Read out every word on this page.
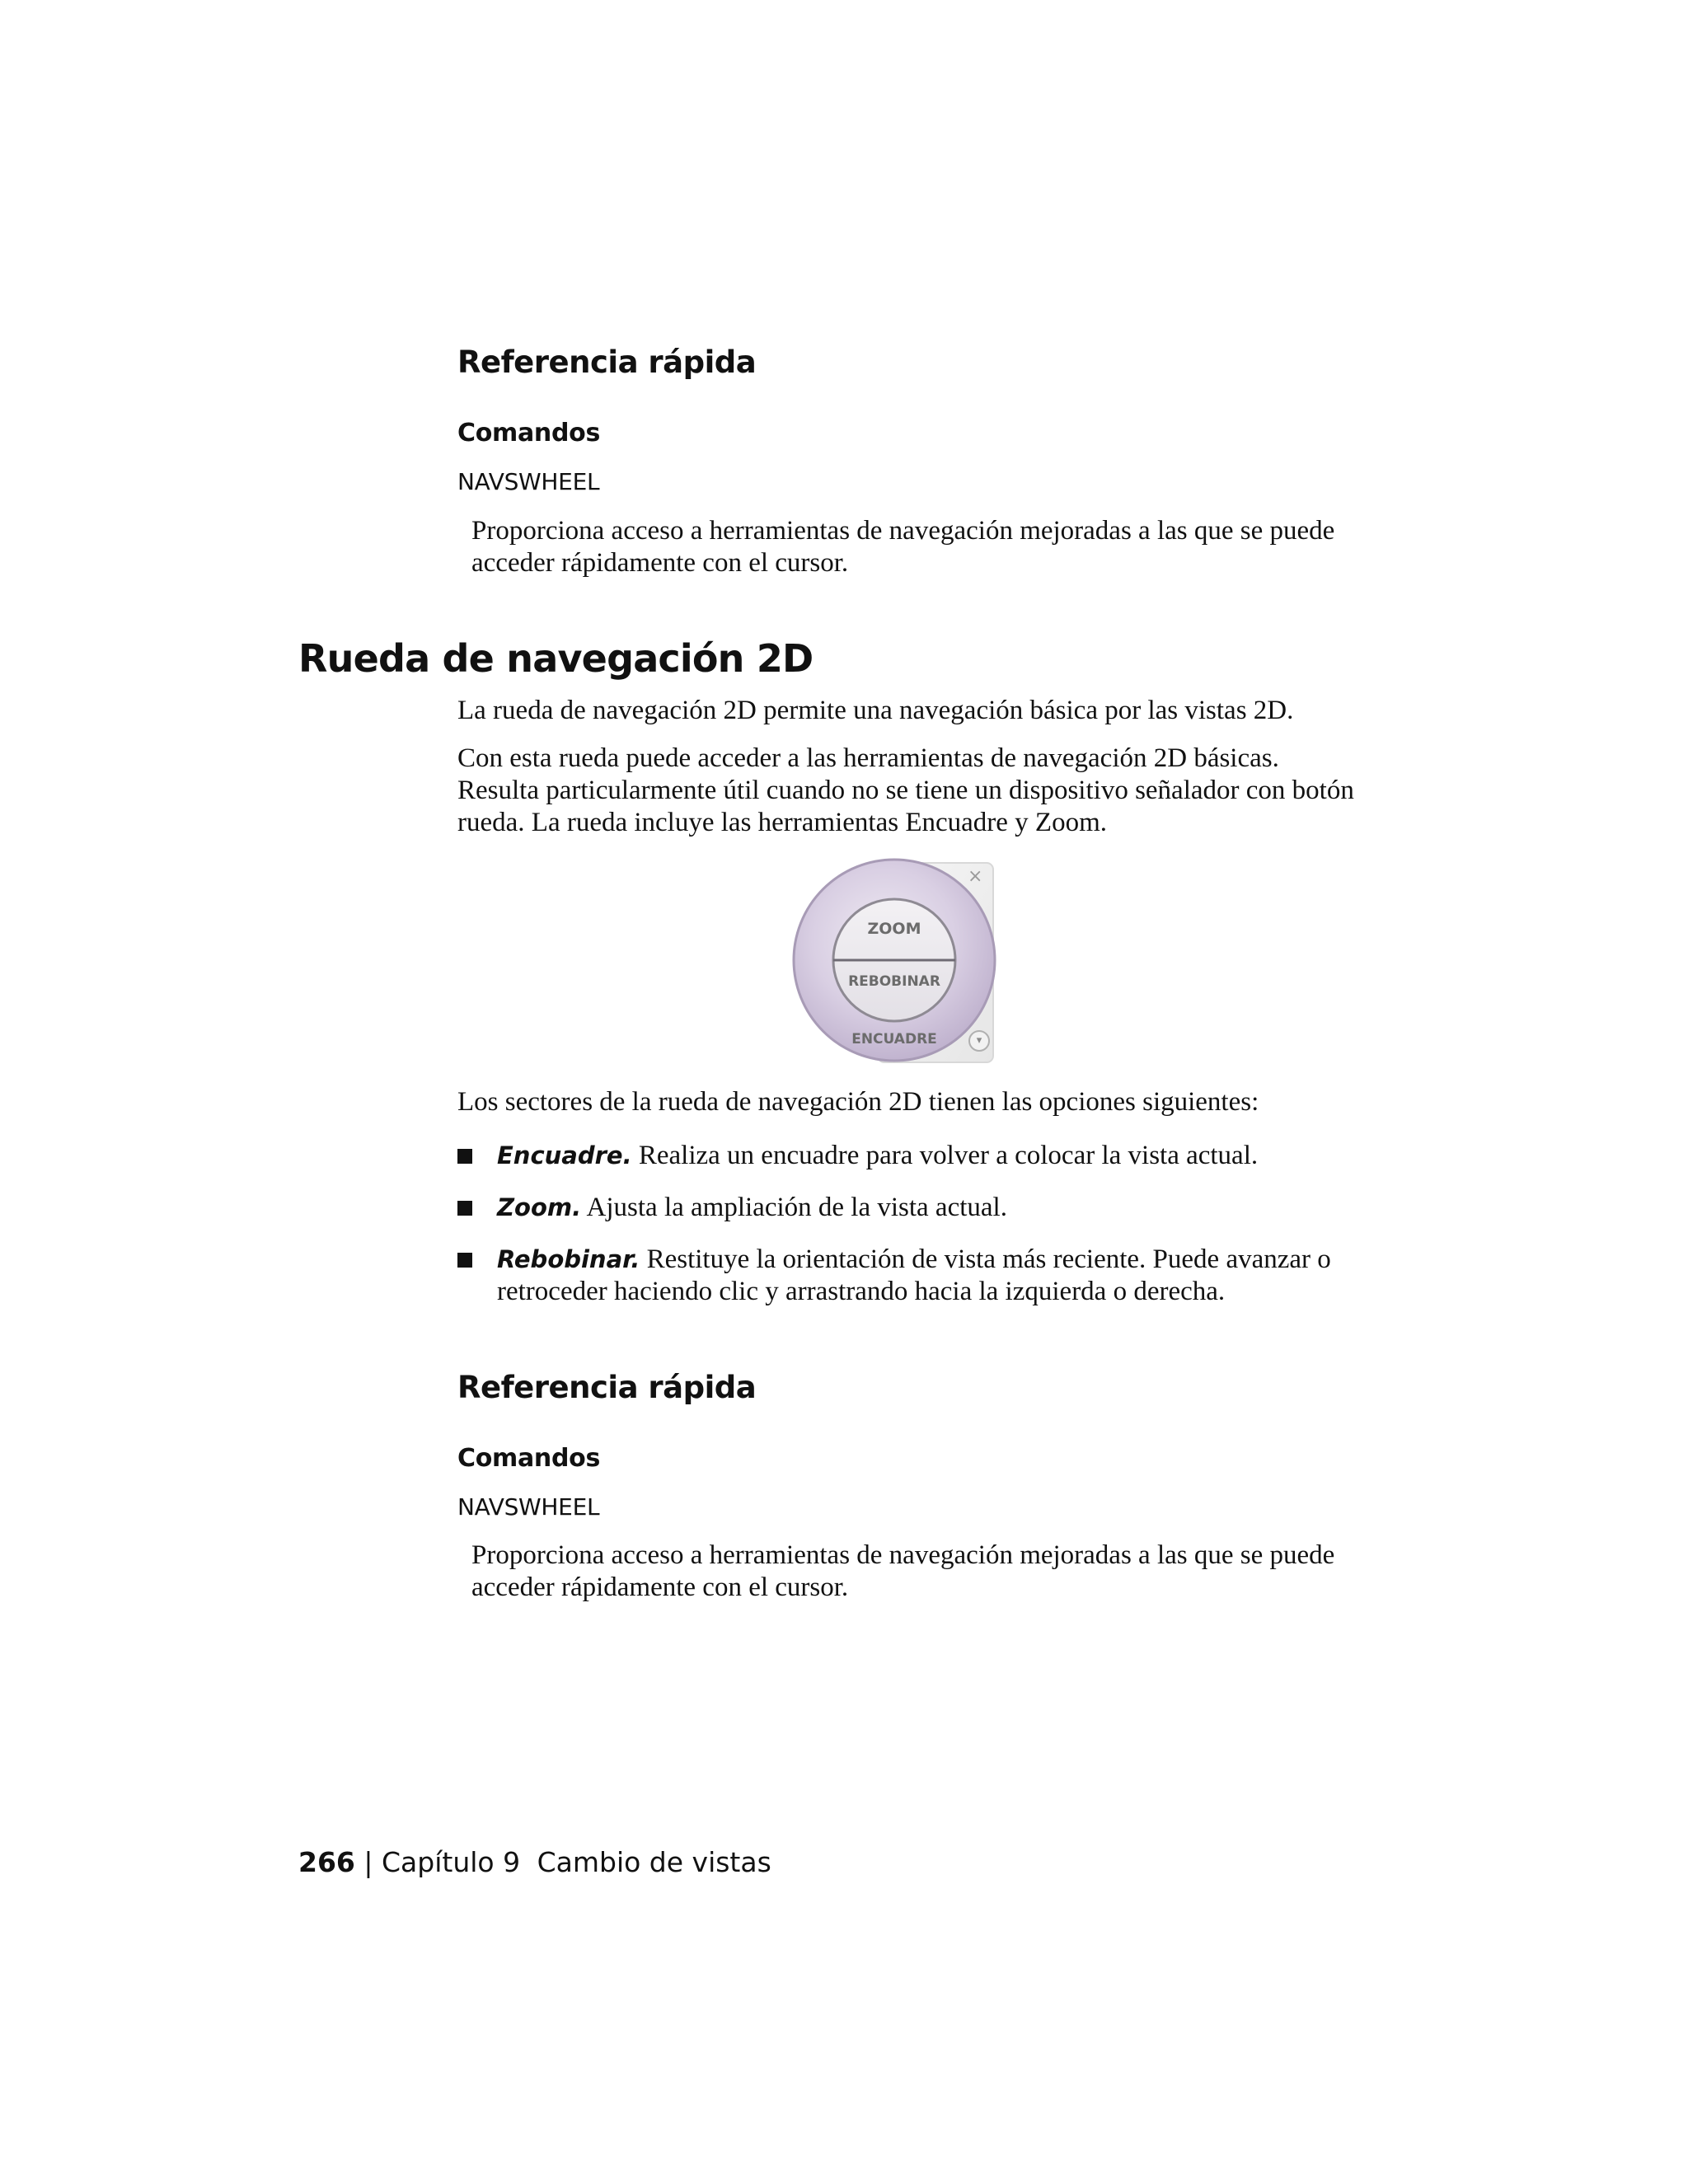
Referencia rápida
Comandos
NAVSWHEEL
Proporciona acceso a herramientas de navegación mejoradas a las que se puede acceder rápidamente con el cursor.
Rueda de navegación 2D
La rueda de navegación 2D permite una navegación básica por las vistas 2D.
Con esta rueda puede acceder a las herramientas de navegación 2D básicas. Resulta particularmente útil cuando no se tiene un dispositivo señalador con botón rueda. La rueda incluye las herramientas Encuadre y Zoom.
ZOOM
REBOBINAR
ENCUADRE
×
▾
Los sectores de la rueda de navegación 2D tienen las opciones siguientes:
Encuadre. Realiza un encuadre para volver a colocar la vista actual.
Zoom. Ajusta la ampliación de la vista actual.
Rebobinar. Restituye la orientación de vista más reciente. Puede avanzar o retroceder haciendo clic y arrastrando hacia la izquierda o derecha.
Referencia rápida
Comandos
NAVSWHEEL
Proporciona acceso a herramientas de navegación mejoradas a las que se puede acceder rápidamente con el cursor.
266 | Capítulo 9 Cambio de vistas
